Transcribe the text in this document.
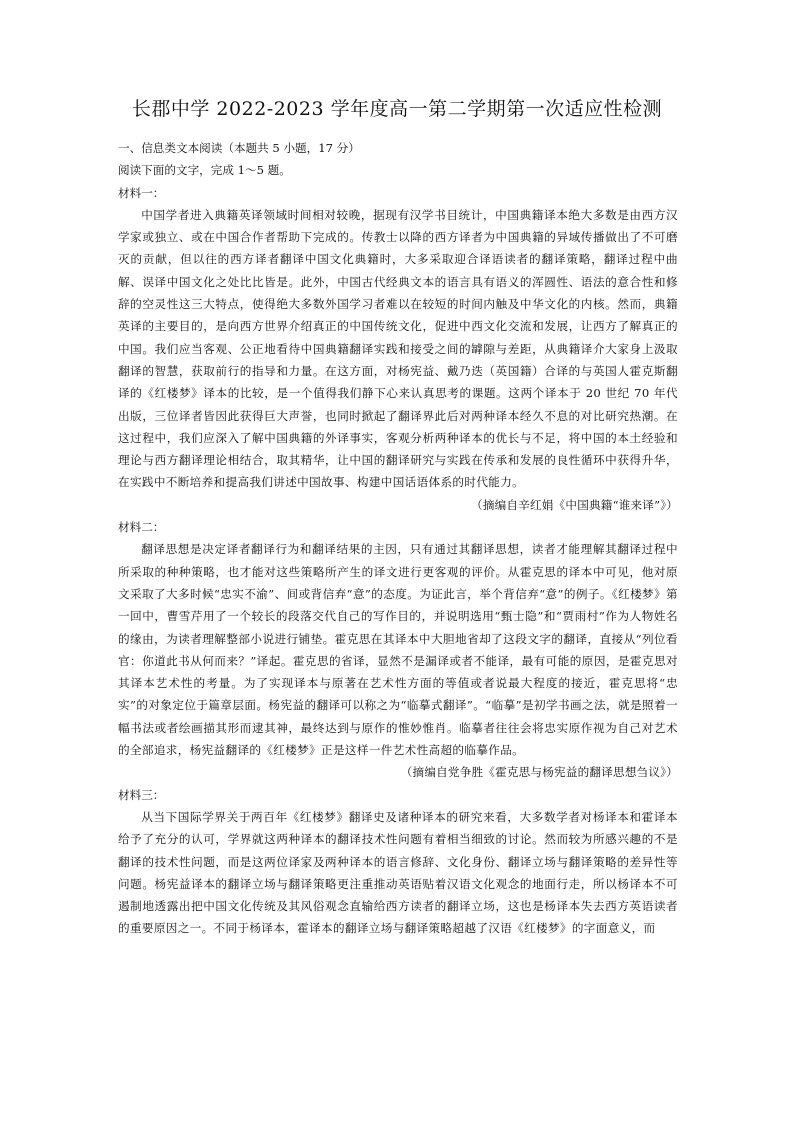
长郡中学 2022-2023 学年度高一第二学期第一次适应性检测

一、信息类文本阅读（本题共 5 小题，17 分）

阅读下面的文字，完成 1～5 题。

材料一：

中国学者进入典籍英译领域时间相对较晚，据现有汉学书目统计，中国典籍译本绝大多数是由西方汉学家或独立、或在中国合作者帮助下完成的。传教士以降的西方译者为中国典籍的异域传播做出了不可磨灭的贡献，但以往的西方译者翻译中国文化典籍时，大多采取迎合译语读者的翻译策略，翻译过程中曲解、误译中国文化之处比比皆是。此外，中国古代经典文本的语言具有语义的浑圆性、语法的意合性和修辞的空灵性这三大特点，使得绝大多数外国学习者难以在较短的时间内触及中华文化的内核。然而，典籍英译的主要目的，是向西方世界介绍真正的中国传统文化，促进中西文化交流和发展，让西方了解真正的中国。我们应当客观、公正地看待中国典籍翻译实践和接受之间的罅隙与差距，从典籍译介大家身上汲取翻译的智慧，获取前行的指导和力量。在这方面，对杨宪益、戴乃迭（英国籍）合译的与英国人霍克斯翻译的《红楼梦》译本的比较，是一个值得我们静下心来认真思考的课题。这两个译本于 20 世纪 70 年代出版，三位译者皆因此获得巨大声誉，也同时掀起了翻译界此后对两种译本经久不息的对比研究热潮。在这过程中，我们应深入了解中国典籍的外译事实，客观分析两种译本的优长与不足，将中国的本土经验和理论与西方翻译理论相结合，取其精华，让中国的翻译研究与实践在传承和发展的良性循环中获得升华，在实践中不断培养和提高我们讲述中国故事、构建中国话语体系的时代能力。

（摘编自辛红娟《中国典籍“谁来译”》）

材料二：

翻译思想是决定译者翻译行为和翻译结果的主因，只有通过其翻译思想，读者才能理解其翻译过程中所采取的种种策略，也才能对这些策略所产生的译文进行更客观的评价。从霍克思的译本中可见，他对原文采取了大多时候“忠实不渝”、间或背信弃“意”的态度。为证此言，举个背信弃“意”的例子。《红楼梦》第一回中，曹雪芹用了一个较长的段落交代自己的写作目的，并说明选用“甄士隐”和“贾雨村”作为人物姓名的缘由，为读者理解整部小说进行铺垫。霍克思在其译本中大胆地省却了这段文字的翻译，直接从“列位看官：你道此书从何而来？”译起。霍克思的省译，显然不是漏译或者不能译，最有可能的原因，是霍克思对其译本艺术性的考量。为了实现译本与原著在艺术性方面的等值或者说最大程度的接近，霍克思将“忠实”的对象定位于篇章层面。杨宪益的翻译可以称之为“临摹式翻译”。“临摹”是初学书画之法，就是照着一幅书法或者绘画描其形而逮其神，最终达到与原作的惟妙惟肖。临摹者往往会将忠实原作视为自己对艺术的全部追求，杨宪益翻译的《红楼梦》正是这样一件艺术性高超的临摹作品。

（摘编自党争胜《霍克思与杨宪益的翻译思想刍议》）

材料三：

从当下国际学界关于两百年《红楼梦》翻译史及诸种译本的研究来看，大多数学者对杨译本和霍译本给予了充分的认可，学界就这两种译本的翻译技术性问题有着相当细致的讨论。然而较为所感兴趣的不是翻译的技术性问题，而是这两位译家及两种译本的语言修辞、文化身份、翻译立场与翻译策略的差异性等问题。杨宪益译本的翻译立场与翻译策略更注重推动英语贴着汉语文化观念的地面行走，所以杨译本不可遏制地透露出把中国文化传统及其风俗观念直输给西方读者的翻译立场，这也是杨译本失去西方英语读者的重要原因之一。不同于杨译本，霍译本的翻译立场与翻译策略超越了汉语《红楼梦》的字面意义，而
